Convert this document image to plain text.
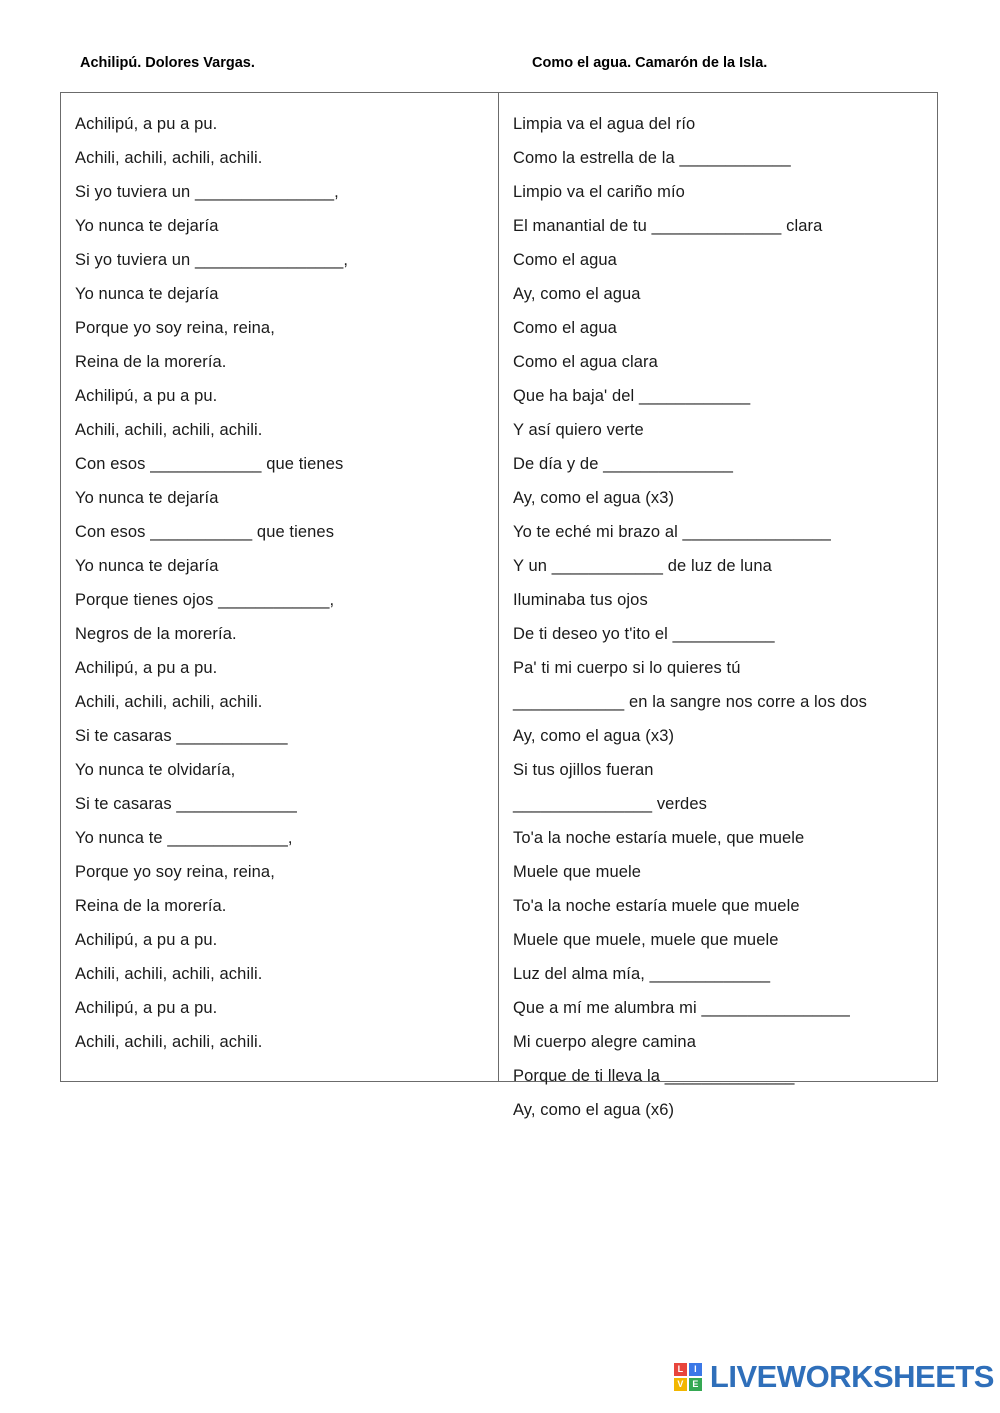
Achilipú. Dolores Vargas.	Como el agua. Camarón de la Isla.
Achilipú, a pu a pu.
Achili, achili, achili, achili.
Si yo tuviera un _______________,
Yo nunca te dejaría
Si yo tuviera un ________________,
Yo nunca te dejaría
Porque yo soy reina, reina,
Reina de la morería.
Achilipú, a pu a pu.
Achili, achili, achili, achili.
Con esos ____________ que tienes
Yo nunca te dejaría
Con esos ___________ que tienes
Yo nunca te dejaría
Porque tienes ojos ____________,
Negros de la morería.
Achilipú, a pu a pu.
Achili, achili, achili, achili.
Si te casaras ____________
Yo nunca te olvidaría,
Si te casaras _____________
Yo nunca te _____________,
Porque yo soy reina, reina,
Reina de la morería.
Achilipú, a pu a pu.
Achili, achili, achili, achili.
Achilipú, a pu a pu.
Achili, achili, achili, achili.
Limpia va el agua del río
Como la estrella de la ____________
Limpio va el cariño mío
El manantial de tu ______________ clara
Como el agua
Ay, como el agua
Como el agua
Como el agua clara
Que ha baja' del ____________
Y así quiero verte
De día y de ______________
Ay, como el agua (x3)
Yo te eché mi brazo al ________________
Y un ____________ de luz de luna
Iluminaba tus ojos
De ti deseo yo t'ito el ___________
Pa' ti mi cuerpo si lo quieres tú
____________ en la sangre nos corre a los dos
Ay, como el agua (x3)
Si tus ojillos fueran
_______________ verdes
To'a la noche estaría muele, que muele
Muele que muele
To'a la noche estaría muele que muele
Muele que muele, muele que muele
Luz del alma mía, _____________
Que a mí me alumbra mi ________________
Mi cuerpo alegre camina
Porque de ti lleva la ______________
Ay, como el agua (x6)
L	I
V E LIVEWORKSHEETS
